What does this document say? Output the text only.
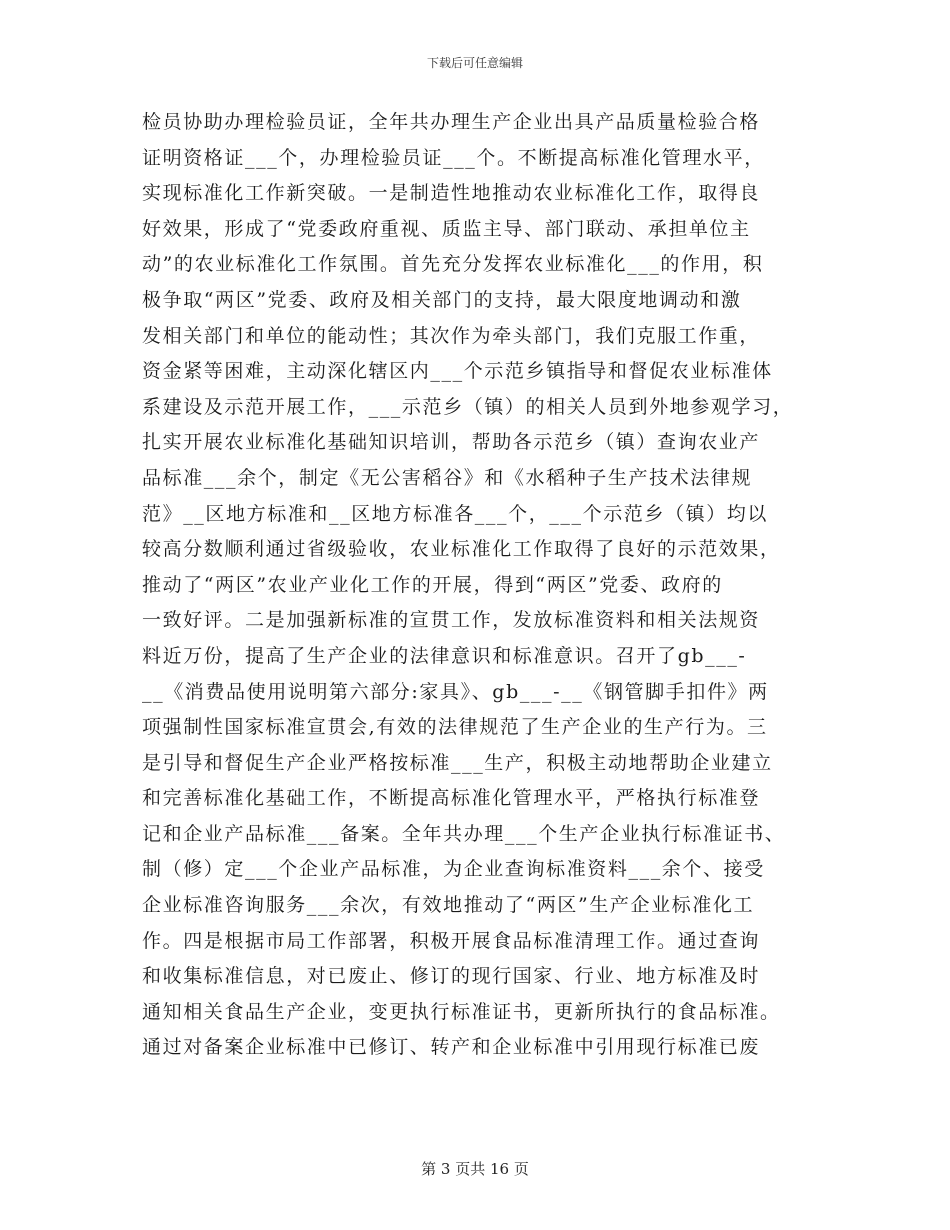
下载后可任意编辑
检员协助办理检验员证，全年共办理生产企业出具产品质量检验合格
证明资格证___个，办理检验员证___个。不断提高标准化管理水平，
实现标准化工作新突破。一是制造性地推动农业标准化工作，取得良
好效果，形成了“党委政府重视、质监主导、部门联动、承担单位主
动”的农业标准化工作氛围。首先充分发挥农业标准化___的作用，积
极争取“两区”党委、政府及相关部门的支持，最大限度地调动和激
发相关部门和单位的能动性；其次作为牵头部门，我们克服工作重，
资金紧等困难，主动深化辖区内___个示范乡镇指导和督促农业标准体
系建设及示范开展工作，___示范乡（镇）的相关人员到外地参观学习，
扎实开展农业标准化基础知识培训，帮助各示范乡（镇）查询农业产
品标准___余个，制定《无公害稻谷》和《水稻种子生产技术法律规
范》__区地方标准和__区地方标准各___个，___个示范乡（镇）均以
较高分数顺利通过省级验收，农业标准化工作取得了良好的示范效果，
推动了“两区”农业产业化工作的开展，得到“两区”党委、政府的
一致好评。二是加强新标准的宣贯工作，发放标准资料和相关法规资
料近万份，提高了生产企业的法律意识和标准意识。召开了gb___-
__《消费品使用说明第六部分:家具》、gb___-__《钢管脚手扣件》两
项强制性国家标准宣贯会,有效的法律规范了生产企业的生产行为。三
是引导和督促生产企业严格按标准___生产，积极主动地帮助企业建立
和完善标准化基础工作，不断提高标准化管理水平，严格执行标准登
记和企业产品标准___备案。全年共办理___个生产企业执行标准证书、
制（修）定___个企业产品标准，为企业查询标准资料___余个、接受
企业标准咨询服务___余次，有效地推动了“两区”生产企业标准化工
作。四是根据市局工作部署，积极开展食品标准清理工作。通过查询
和收集标准信息，对已废止、修订的现行国家、行业、地方标准及时
通知相关食品生产企业，变更执行标准证书，更新所执行的食品标准。
通过对备案企业标准中已修订、转产和企业标准中引用现行标准已废
第 3 页共 16 页
